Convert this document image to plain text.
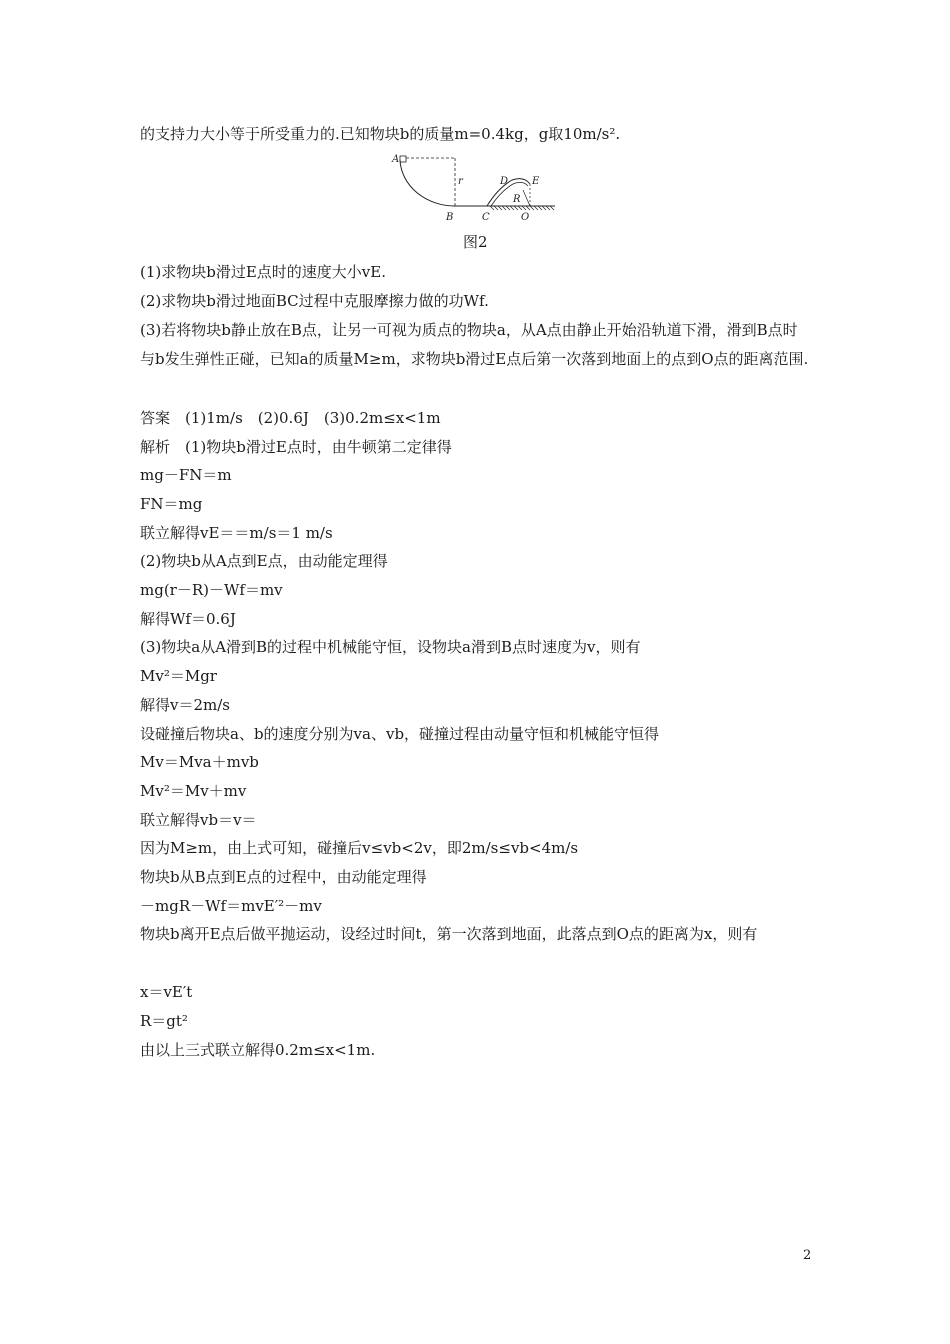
的支持力大小等于所受重力的.已知物块b的质量m=0.4kg，g取10m/s².
A
r
B	C
D E
R
O
图2
(1)求物块b滑过E点时的速度大小vE.
(2)求物块b滑过地面BC过程中克服摩擦力做的功Wf.
(3)若将物块b静止放在B点，让另一可视为质点的物块a，从A点由静止开始沿轨道下滑，滑到B点时与b发生弹性正碰，已知a的质量M≥m，求物块b滑过E点后第一次落到地面上的点到O点的距离范围.
答案　(1)1m/s　(2)0.6J　(3)0.2m≤x<1m
解析　(1)物块b滑过E点时，由牛顿第二定律得
mg－FN＝m
FN＝mg
联立解得vE＝＝m/s＝1 m/s
(2)物块b从A点到E点，由动能定理得
mg(r－R)－Wf＝mv
解得Wf＝0.6J
(3)物块a从A滑到B的过程中机械能守恒，设物块a滑到B点时速度为v，则有
Mv²＝Mgr
解得v＝2m/s
设碰撞后物块a、b的速度分别为va、vb，碰撞过程由动量守恒和机械能守恒得
Mv＝Mva＋mvb
Mv²＝Mv＋mv
联立解得vb＝v＝
因为M≥m，由上式可知，碰撞后v≤vb<2v，即2m/s≤vb<4m/s
物块b从B点到E点的过程中，由动能定理得
－mgR－Wf＝mvE′²－mv
物块b离开E点后做平抛运动，设经过时间t，第一次落到地面，此落点到O点的距离为x，则有
x＝vE′t
R＝gt²
由以上三式联立解得0.2m≤x<1m.
2
